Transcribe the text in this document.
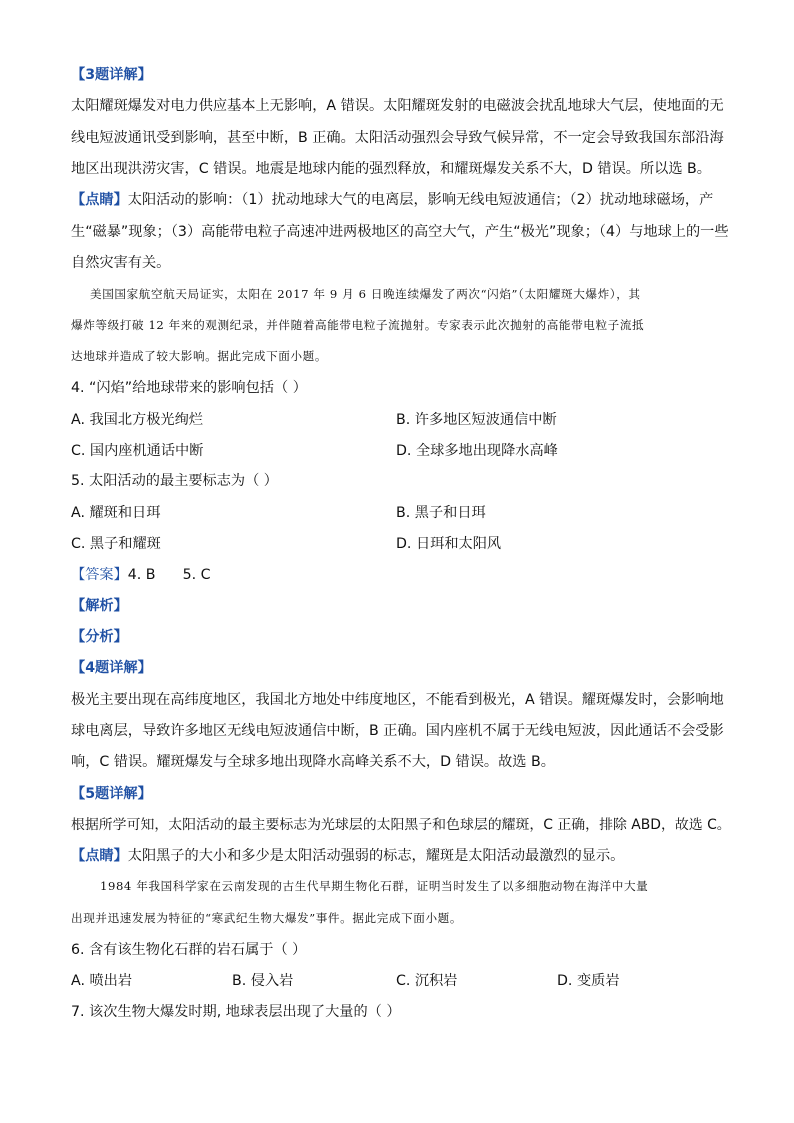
【3题详解】
太阳耀斑爆发对电力供应基本上无影响，A 错误。太阳耀斑发射的电磁波会扰乱地球大气层，使地面的无
线电短波通讯受到影响，甚至中断，B 正确。太阳活动强烈会导致气候异常，不一定会导致我国东部沿海
地区出现洪涝灾害，C 错误。地震是地球内能的强烈释放，和耀斑爆发关系不大，D 错误。所以选 B。
【点睛】太阳活动的影响：（1）扰动地球大气的电离层，影响无线电短波通信；（2）扰动地球磁场，产
生“磁暴”现象；（3）高能带电粒子高速冲进两极地区的高空大气，产生“极光”现象；（4）与地球上的一些
自然灾害有关。
美国国家航空航天局证实，太阳在 2017 年 9 月 6 日晚连续爆发了两次“闪焰”（太阳耀斑大爆炸），其
爆炸等级打破 12 年来的观测纪录，并伴随着高能带电粒子流抛射。专家表示此次抛射的高能带电粒子流抵
达地球并造成了较大影响。据此完成下面小题。
4. “闪焰”给地球带来的影响包括（ ）
A. 我国北方极光绚烂	B. 许多地区短波通信中断
C. 国内座机通话中断	D. 全球多地出现降水高峰
5. 太阳活动的最主要标志为（ ）
A. 耀斑和日珥	B. 黑子和日珥
C. 黑子和耀斑	D. 日珥和太阳风
【答案】4. B      5. C
【解析】
【分析】
【4题详解】
极光主要出现在高纬度地区，我国北方地处中纬度地区，不能看到极光，A 错误。耀斑爆发时，会影响地
球电离层，导致许多地区无线电短波通信中断，B 正确。国内座机不属于无线电短波，因此通话不会受影
响，C 错误。耀斑爆发与全球多地出现降水高峰关系不大，D 错误。故选 B。
【5题详解】
根据所学可知，太阳活动的最主要标志为光球层的太阳黑子和色球层的耀斑，C 正确，排除 ABD，故选 C。
【点睛】太阳黑子的大小和多少是太阳活动强弱的标志，耀斑是太阳活动最激烈的显示。
1984 年我国科学家在云南发现的古生代早期生物化石群，证明当时发生了以多细胞动物在海洋中大量
出现并迅速发展为特征的“寒武纪生物大爆发”事件。据此完成下面小题。
6. 含有该生物化石群的岩石属于（ ）
A. 喷出岩	B. 侵入岩	C. 沉积岩	D. 变质岩
7. 该次生物大爆发时期, 地球表层出现了大量的（ ）
